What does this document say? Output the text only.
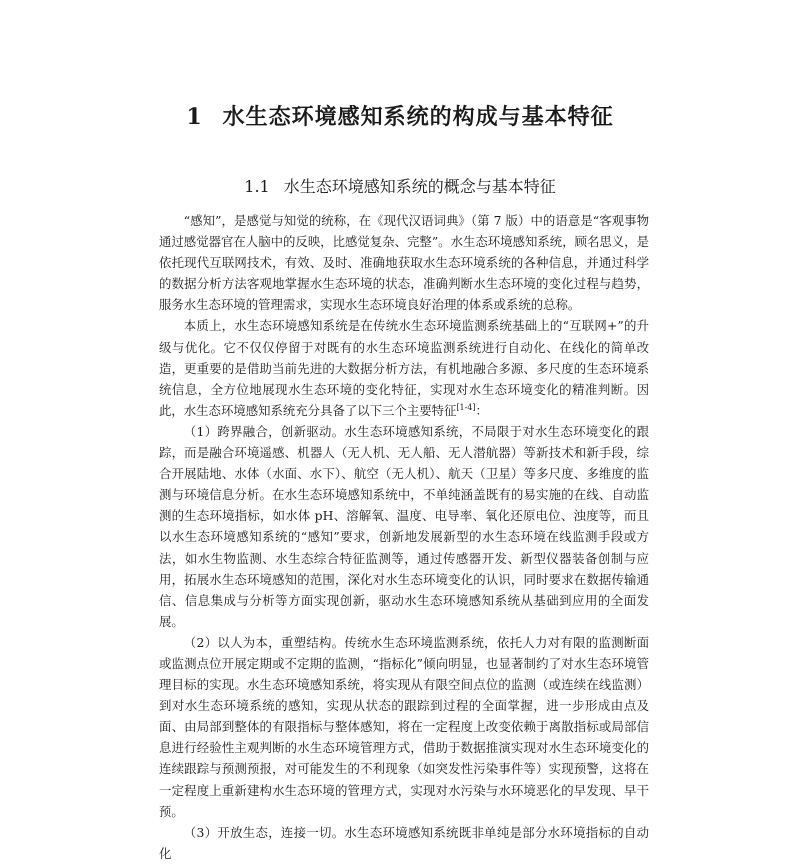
1 水生态环境感知系统的构成与基本特征
1.1 水生态环境感知系统的概念与基本特征

“感知”，是感觉与知觉的统称，在《现代汉语词典》（第 7 版）中的语意是“客观事物通过感觉器官在人脑中的反映，比感觉复杂、完整”。水生态环境感知系统，顾名思义，是依托现代互联网技术，有效、及时、准确地获取水生态环境系统的各种信息，并通过科学的数据分析方法客观地掌握水生态环境的状态，准确判断水生态环境的变化过程与趋势，服务水生态环境的管理需求，实现水生态环境良好治理的体系或系统的总称。

本质上，水生态环境感知系统是在传统水生态环境监测系统基础上的“互联网+”的升级与优化。它不仅仅停留于对既有的水生态环境监测系统进行自动化、在线化的简单改造，更重要的是借助当前先进的大数据分析方法，有机地融合多源、多尺度的生态环境系统信息，全方位地展现水生态环境的变化特征，实现对水生态环境变化的精准判断。因此，水生态环境感知系统充分具备了以下三个主要特征[1-4]：

（1）跨界融合，创新驱动。水生态环境感知系统，不局限于对水生态环境变化的跟踪，而是融合环境遥感、机器人（无人机、无人船、无人潜航器）等新技术和新手段，综合开展陆地、水体（水面、水下）、航空（无人机）、航天（卫星）等多尺度、多维度的监测与环境信息分析。在水生态环境感知系统中，不单纯涵盖既有的易实施的在线、自动监测的生态环境指标，如水体 pH、溶解氧、温度、电导率、氧化还原电位、浊度等，而且以水生态环境感知系统的“感知”要求，创新地发展新型的水生态环境在线监测手段或方法，如水生物监测、水生态综合特征监测等，通过传感器开发、新型仪器装备创制与应用，拓展水生态环境感知的范围，深化对水生态环境变化的认识，同时要求在数据传输通信、信息集成与分析等方面实现创新，驱动水生态环境感知系统从基础到应用的全面发展。

（2）以人为本，重塑结构。传统水生态环境监测系统，依托人力对有限的监测断面或监测点位开展定期或不定期的监测，“指标化”倾向明显，也显著制约了对水生态环境管理目标的实现。水生态环境感知系统，将实现从有限空间点位的监测（或连续在线监测）到对水生态环境系统的感知，实现从状态的跟踪到过程的全面掌握，进一步形成由点及面、由局部到整体的有限指标与整体感知，将在一定程度上改变依赖于离散指标或局部信息进行经验性主观判断的水生态环境管理方式，借助于数据推演实现对水生态环境变化的连续跟踪与预测预报，对可能发生的不利现象（如突发性污染事件等）实现预警，这将在一定程度上重新建构水生态环境的管理方式，实现对水污染与水环境恶化的早发现、早干预。

（3）开放生态，连接一切。水生态环境感知系统既非单纯是部分水环境指标的自动化
